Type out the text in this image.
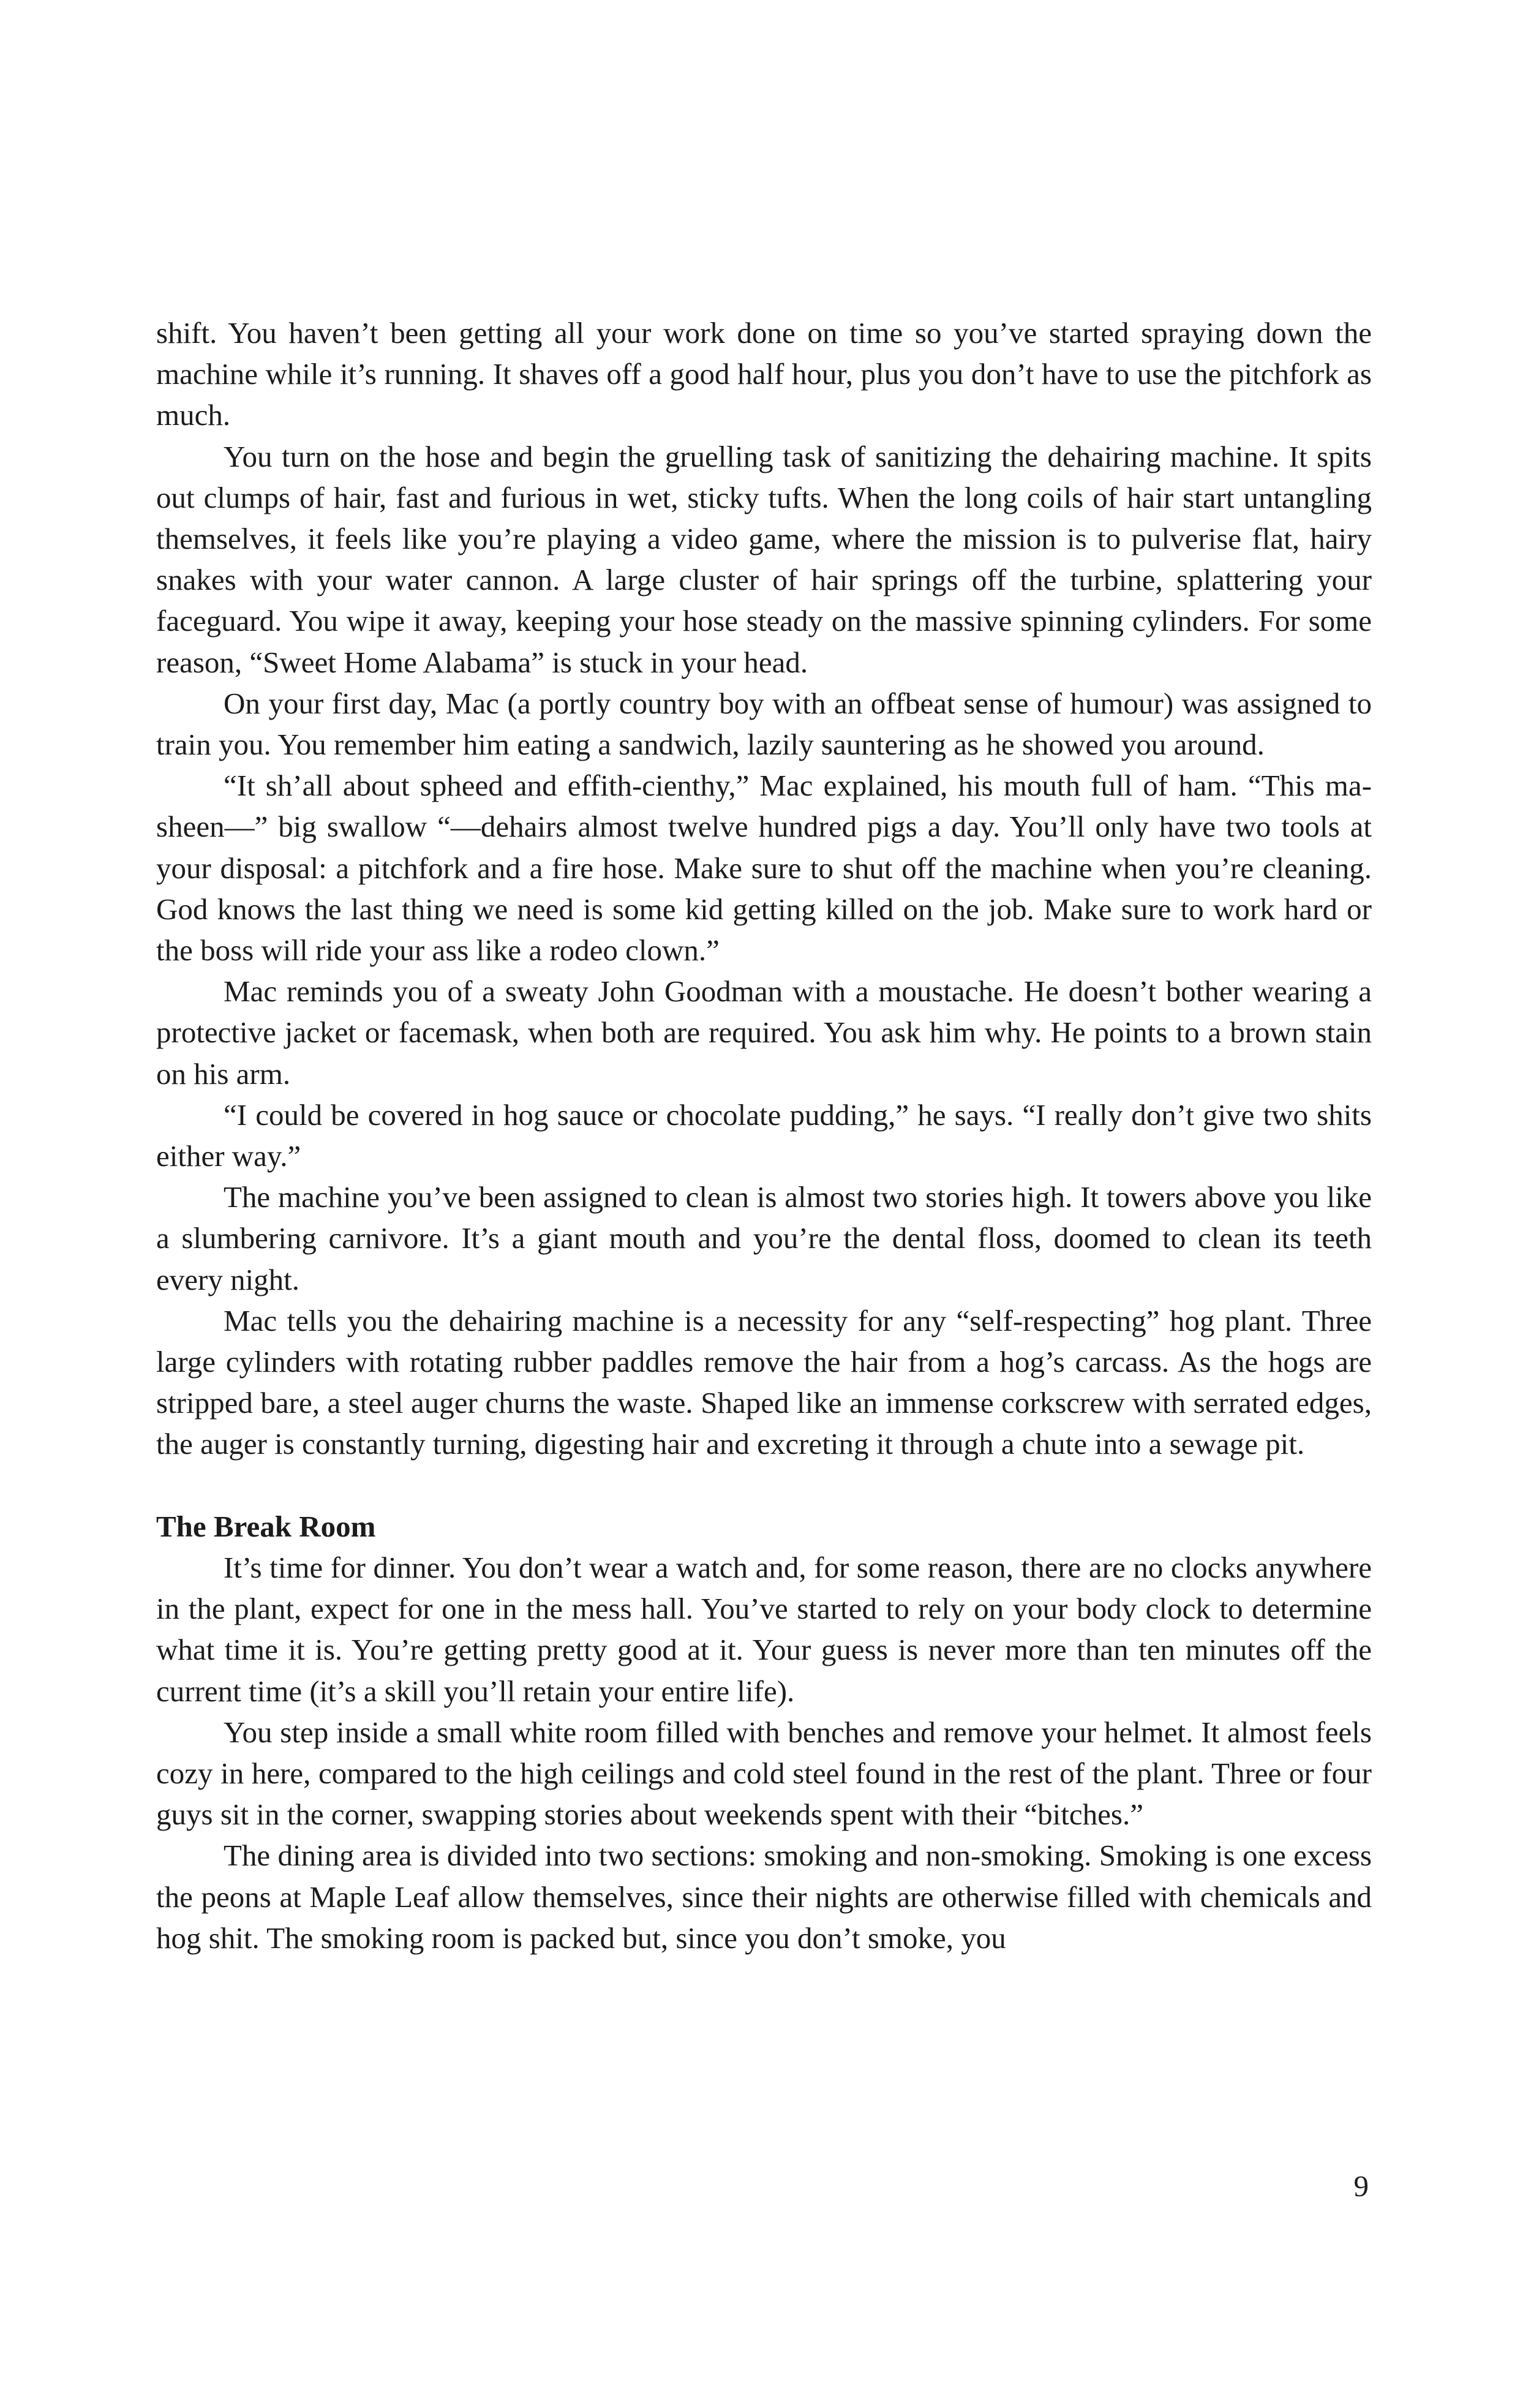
shift. You haven’t been getting all your work done on time so you’ve started spraying down the machine while it’s running. It shaves off a good half hour, plus you don’t have to use the pitchfork as much.

You turn on the hose and begin the gruelling task of sanitizing the dehairing machine. It spits out clumps of hair, fast and furious in wet, sticky tufts. When the long coils of hair start untangling themselves, it feels like you’re playing a video game, where the mission is to pulverise flat, hairy snakes with your water cannon. A large cluster of hair springs off the turbine, splattering your faceguard. You wipe it away, keeping your hose steady on the massive spinning cylinders. For some reason, “Sweet Home Alabama” is stuck in your head.

On your first day, Mac (a portly country boy with an offbeat sense of humour) was assigned to train you. You remember him eating a sandwich, lazily sauntering as he showed you around.

“It sh’all about spheed and effith-cienthy,” Mac explained, his mouth full of ham. “This ma-sheen—” big swallow “—dehairs almost twelve hundred pigs a day. You’ll only have two tools at your disposal: a pitchfork and a fire hose. Make sure to shut off the machine when you’re cleaning. God knows the last thing we need is some kid getting killed on the job. Make sure to work hard or the boss will ride your ass like a rodeo clown.”

Mac reminds you of a sweaty John Goodman with a moustache. He doesn’t bother wearing a protective jacket or facemask, when both are required. You ask him why. He points to a brown stain on his arm.

“I could be covered in hog sauce or chocolate pudding,” he says. “I really don’t give two shits either way.”

The machine you’ve been assigned to clean is almost two stories high. It towers above you like a slumbering carnivore. It’s a giant mouth and you’re the dental floss, doomed to clean its teeth every night.

Mac tells you the dehairing machine is a necessity for any “self-respecting” hog plant. Three large cylinders with rotating rubber paddles remove the hair from a hog’s carcass. As the hogs are stripped bare, a steel auger churns the waste. Shaped like an immense corkscrew with serrated edges, the auger is constantly turning, digesting hair and excreting it through a chute into a sewage pit.

The Break Room

It’s time for dinner. You don’t wear a watch and, for some reason, there are no clocks anywhere in the plant, expect for one in the mess hall. You’ve started to rely on your body clock to determine what time it is. You’re getting pretty good at it. Your guess is never more than ten minutes off the current time (it’s a skill you’ll retain your entire life).

You step inside a small white room filled with benches and remove your helmet. It almost feels cozy in here, compared to the high ceilings and cold steel found in the rest of the plant. Three or four guys sit in the corner, swapping stories about weekends spent with their “bitches.”

The dining area is divided into two sections: smoking and non-smoking. Smoking is one excess the peons at Maple Leaf allow themselves, since their nights are otherwise filled with chemicals and hog shit. The smoking room is packed but, since you don’t smoke, you

9
